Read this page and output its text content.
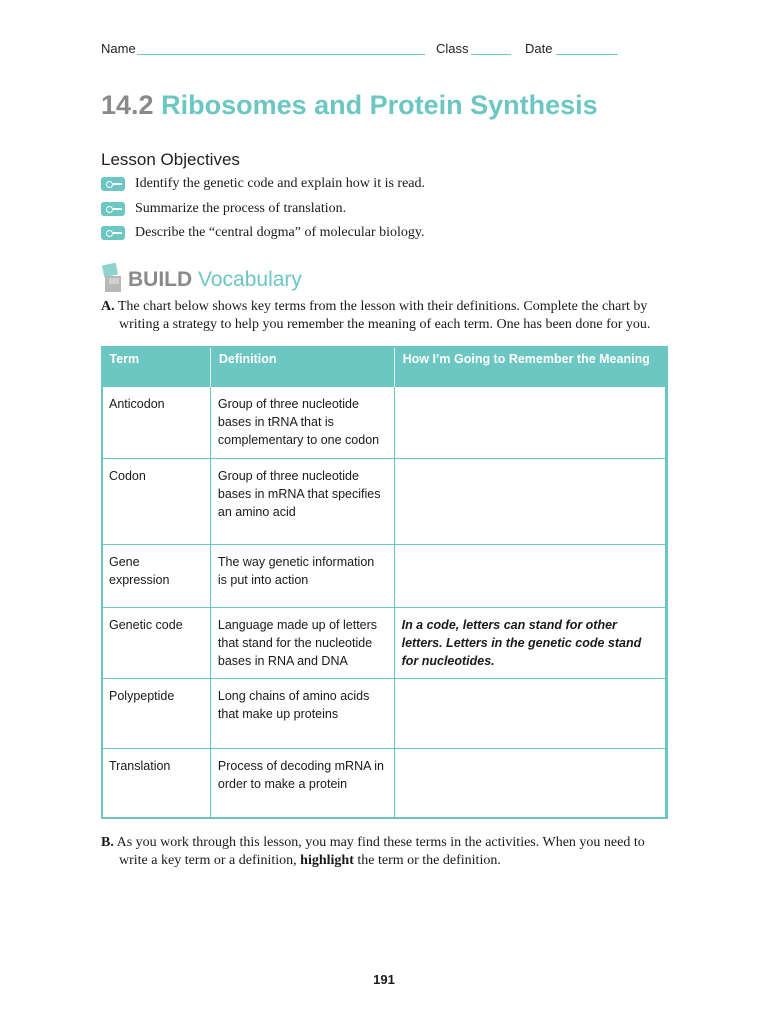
Name	Class	Date
14.2 Ribosomes and Protein Synthesis
Lesson Objectives
Identify the genetic code and explain how it is read.
Summarize the process of translation.
Describe the “central dogma” of molecular biology.
BUILD Vocabulary
A. The chart below shows key terms from the lesson with their definitions. Complete the chart by
writing a strategy to help you remember the meaning of each term. One has been done for you.
Term	Definition	How I’m Going to Remember the Meaning
Anticodon	Group of three nucleotide bases in tRNA that is complementary to one codon	
Codon	Group of three nucleotide bases in mRNA that specifies an amino acid	
Gene expression	The way genetic information is put into action	
Genetic code	Language made up of letters that stand for the nucleotide bases in RNA and DNA	In a code, letters can stand for other letters. Letters in the genetic code stand for nucleotides.
Polypeptide	Long chains of amino acids that make up proteins	
Translation	Process of decoding mRNA in order to make a protein	
B. As you work through this lesson, you may find these terms in the activities. When you need to
write a key term or a definition, highlight the term or the definition.
191
